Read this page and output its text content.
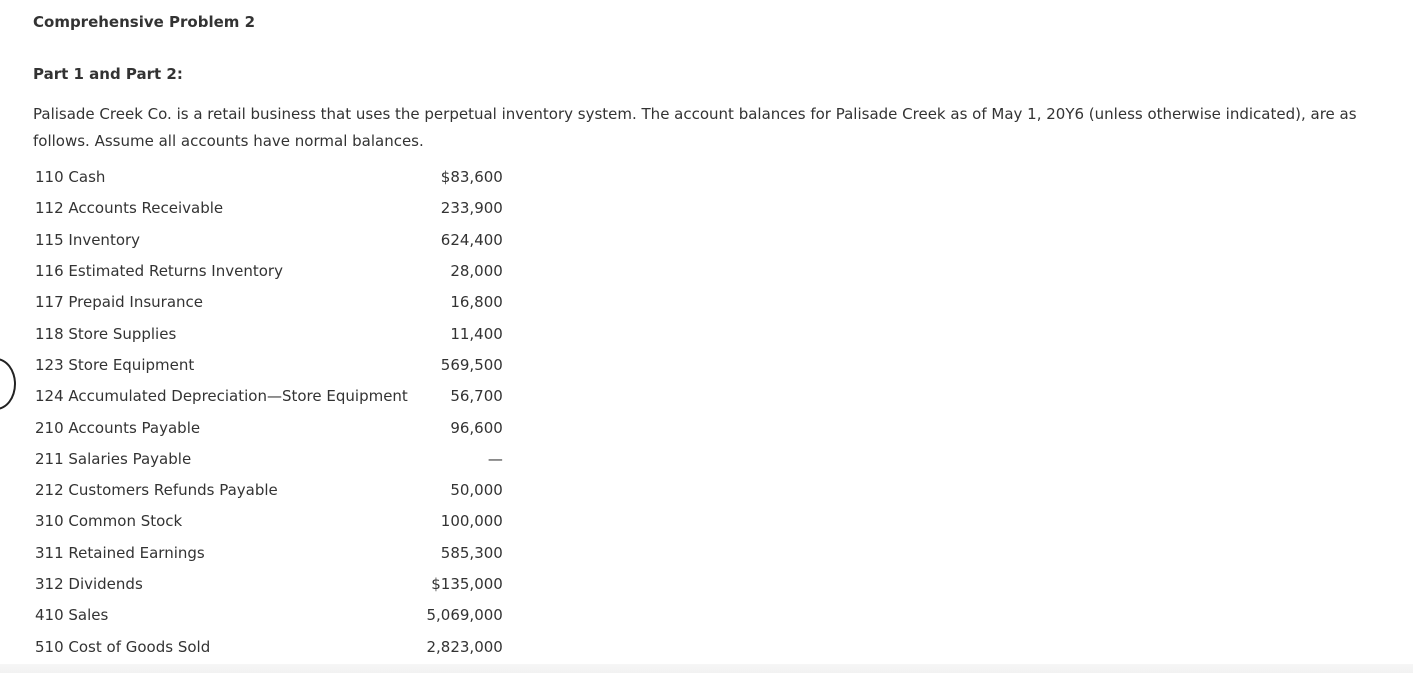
Comprehensive Problem 2
Part 1 and Part 2:

Palisade Creek Co. is a retail business that uses the perpetual inventory system. The account balances for Palisade Creek as of May 1, 20Y6 (unless otherwise indicated), are as follows. Assume all accounts have normal balances.

110 Cash	$83,600
112 Accounts Receivable	233,900
115 Inventory	624,400
116 Estimated Returns Inventory	28,000
117 Prepaid Insurance	16,800
118 Store Supplies	11,400
123 Store Equipment	569,500
124 Accumulated Depreciation—Store Equipment	56,700
210 Accounts Payable	96,600
211 Salaries Payable	—
212 Customers Refunds Payable	50,000
310 Common Stock	100,000
311 Retained Earnings	585,300
312 Dividends	$135,000
410 Sales	5,069,000
510 Cost of Goods Sold	2,823,000
